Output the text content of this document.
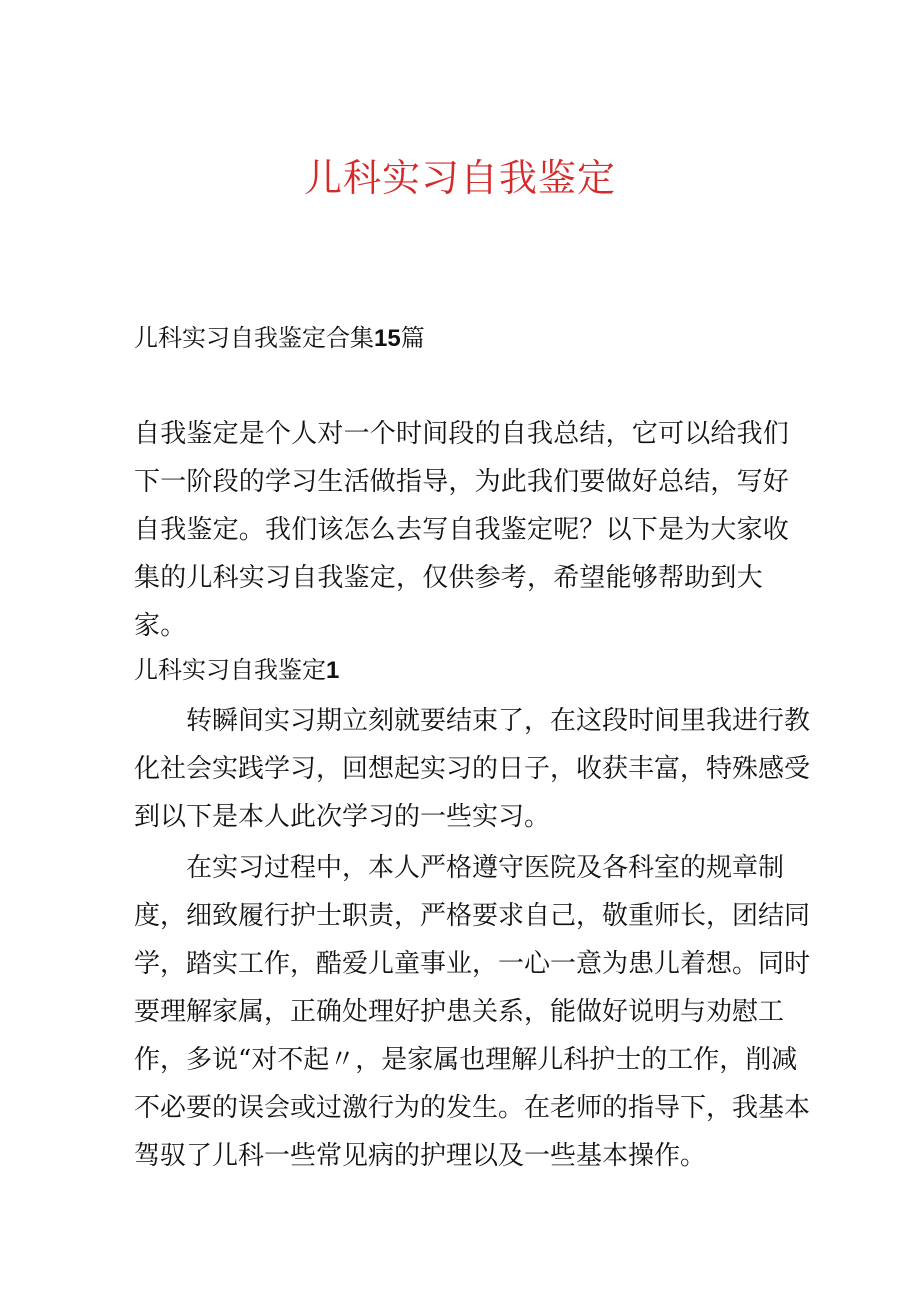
儿科实习自我鉴定
儿科实习自我鉴定合集15篇

自我鉴定是个人对一个时间段的自我总结，它可以给我们下一阶段的学习生活做指导，为此我们要做好总结，写好自我鉴定。我们该怎么去写自我鉴定呢？以下是为大家收集的儿科实习自我鉴定，仅供参考，希望能够帮助到大家。

儿科实习自我鉴定1

转瞬间实习期立刻就要结束了，在这段时间里我进行教化社会实践学习，回想起实习的日子，收获丰富，特殊感受到以下是本人此次学习的一些实习。

在实习过程中，本人严格遵守医院及各科室的规章制度，细致履行护士职责，严格要求自己，敬重师长，团结同学，踏实工作，酷爱儿童事业，一心一意为患儿着想。同时要理解家属，正确处理好护患关系，能做好说明与劝慰工作，多说“对不起〃，是家属也理解儿科护士的工作，削减不必要的误会或过激行为的发生。在老师的指导下，我基本驾驭了儿科一些常见病的护理以及一些基本操作。
